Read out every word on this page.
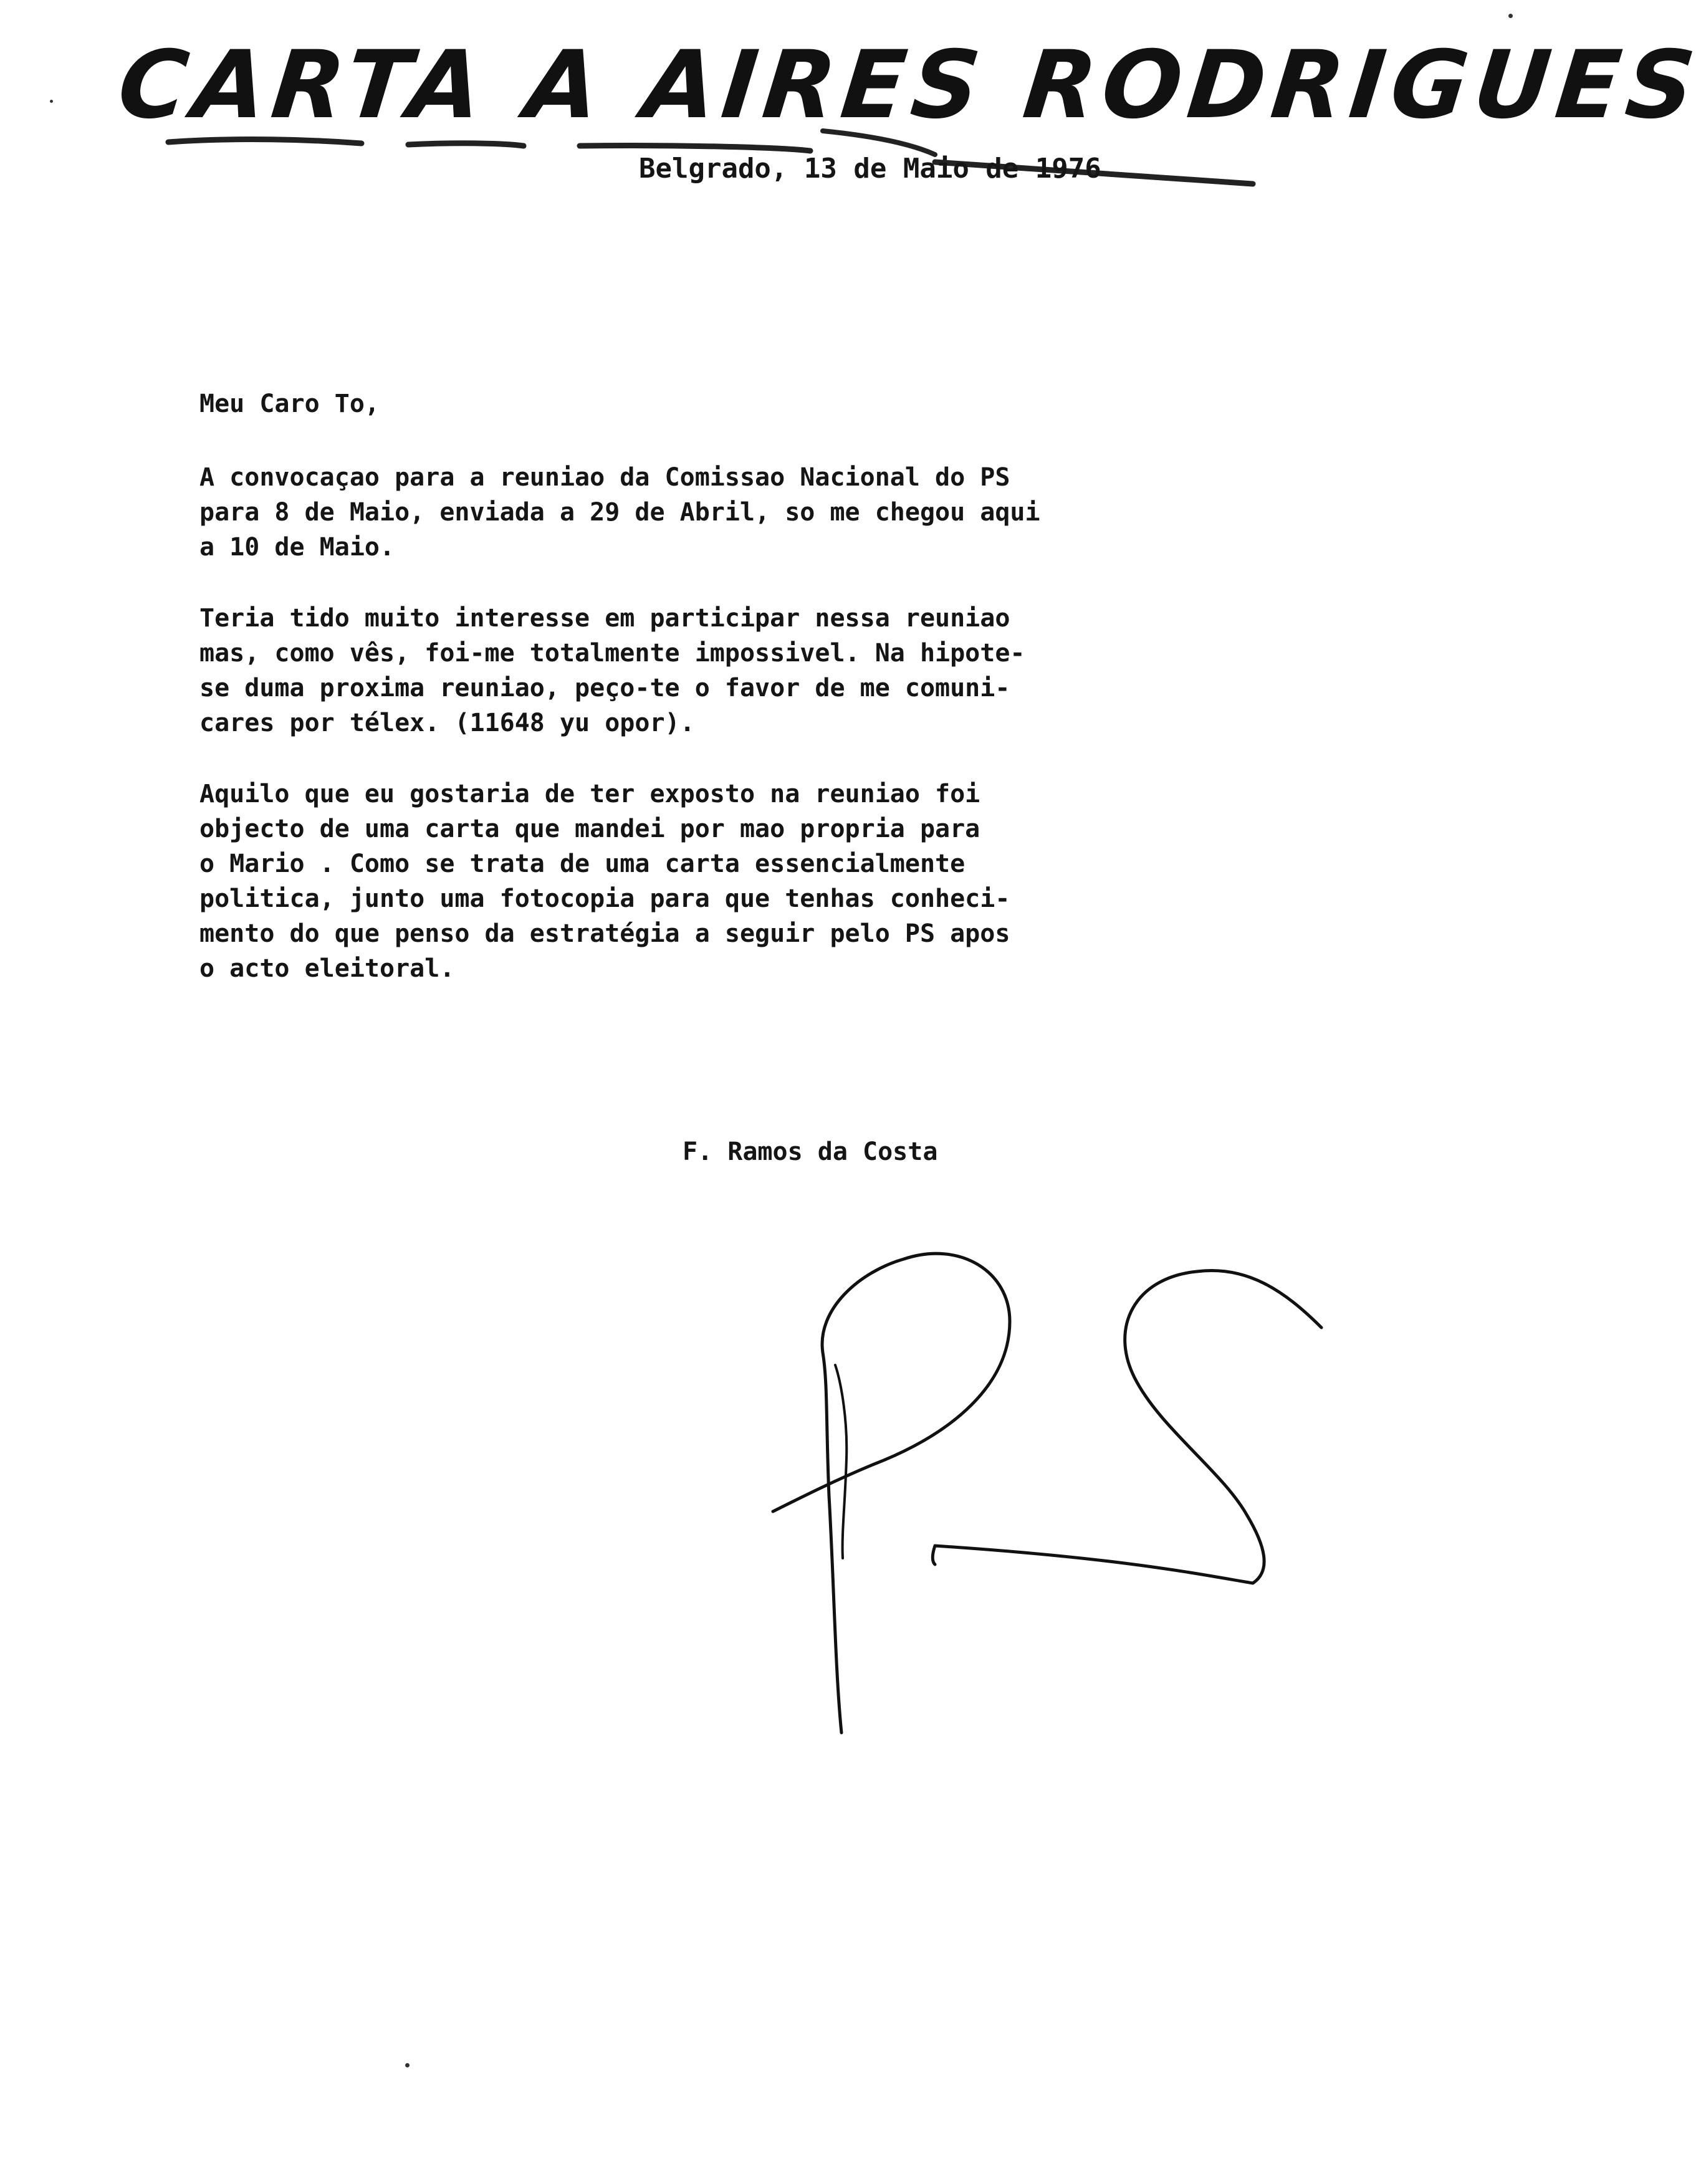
CARTA A AIRES RODRIGUES
Belgrado, 13 de Maio de 1976
Meu Caro To,
A convocaçao para a reuniao da Comissao Nacional do PS
para 8 de Maio, enviada a 29 de Abril, so me chegou aqui
a 10 de Maio.
Teria tido muito interesse em participar nessa reuniao
mas, como vês, foi-me totalmente impossivel. Na hipote-
se duma proxima reuniao, peço-te o favor de me comuni-
cares por télex. (11648 yu opor).
Aquilo que eu gostaria de ter exposto na reuniao foi
objecto de uma carta que mandei por mao propria para
o Mario . Como se trata de uma carta essencialmente
politica, junto uma fotocopia para que tenhas conheci-
mento do que penso da estratégia a seguir pelo PS apos
o acto eleitoral.
F. Ramos da Costa
